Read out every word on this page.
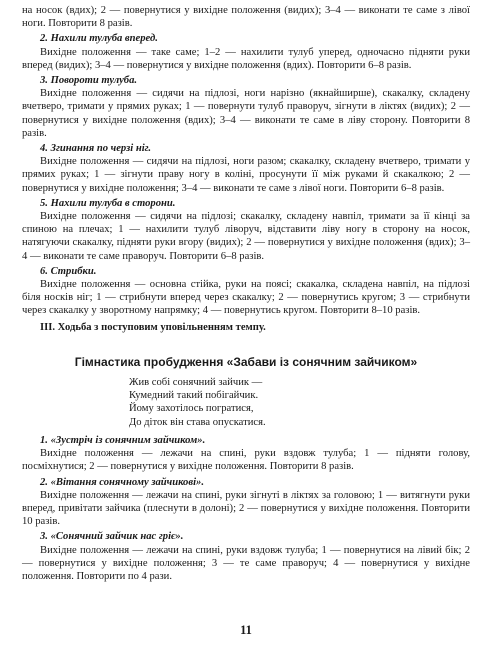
на носок (вдих); 2 — повернутися у вихідне положення (видих); 3–4 — виконати те саме з лівої ноги. Повторити 8 разів.

2. Нахили тулуба вперед.

Вихідне положення — таке саме; 1–2 — нахилити тулуб уперед, одночасно підняти руки вперед (видих); 3–4 — повернутися у вихідне положення (вдих). Повторити 6–8 разів.

3. Повороти тулуба.

Вихідне положення — сидячи на підлозі, ноги нарізно (якнайширше), скакалку, складену вчетверо, тримати у прямих руках; 1 — повернути тулуб праворуч, зігнути в ліктях (видих); 2 — повернутися у вихідне положення (вдих); 3–4 — виконати те саме в ліву сторону. Повторити 8 разів.

4. Згинання по черзі ніг.

Вихідне положення — сидячи на підлозі, ноги разом; скакалку, складену вчетверо, тримати у прямих руках; 1 — зігнути праву ногу в коліні, просунути її між руками й скакалкою; 2 — повернутися у вихідне положення; 3–4 — виконати те саме з лівої ноги. Повторити 6–8 разів.

5. Нахили тулуба в сторони.

Вихідне положення — сидячи на підлозі; скакалку, складену навпіл, тримати за її кінці за спиною на плечах; 1 — нахилити тулуб ліворуч, відставити ліву ногу в сторону на носок, натягуючи скакалку, підняти руки вгору (видих); 2 — повернутися у вихідне положення (вдих); 3–4 — виконати те саме праворуч. Повторити 6–8 разів.

6. Стрибки.

Вихідне положення — основна стійка, руки на поясі; скакалка, складена навпіл, на підлозі біля носків ніг; 1 — стрибнути вперед через скакалку; 2 — повернутись кругом; 3 — стрибнути через скакалку у зворотному напрямку; 4 — повернутись кругом. Повторити 8–10 разів.

III. Ходьба з поступовим уповільненням темпу.

Гімнастика пробудження «Забави із сонячним зайчиком»

Жив собі сонячний зайчик —

Кумедний такий побігайчик.

Йому захотілось погратися,

До діток він става опускатися.

1. «Зустріч із сонячним зайчиком».

Вихідне положення — лежачи на спині, руки вздовж тулуба; 1 — підняти голову, посміхнутися; 2 — повернутися у вихідне положення. Повторити 8 разів.

2. «Вітання сонячному зайчикові».

Вихідне положення — лежачи на спині, руки зігнуті в ліктях за головою; 1 — витягнути руки вперед, привітати зайчика (плеснути в долоні); 2 — повернутися у вихідне положення. Повторити 10 разів.

3. «Сонячний зайчик нас гріє».

Вихідне положення — лежачи на спині, руки вздовж тулуба; 1 — повернутися на лівий бік; 2 — повернутися у вихідне положення; 3 — те саме праворуч; 4 — повернутися у вихідне положення. Повторити по 4 рази.

11
